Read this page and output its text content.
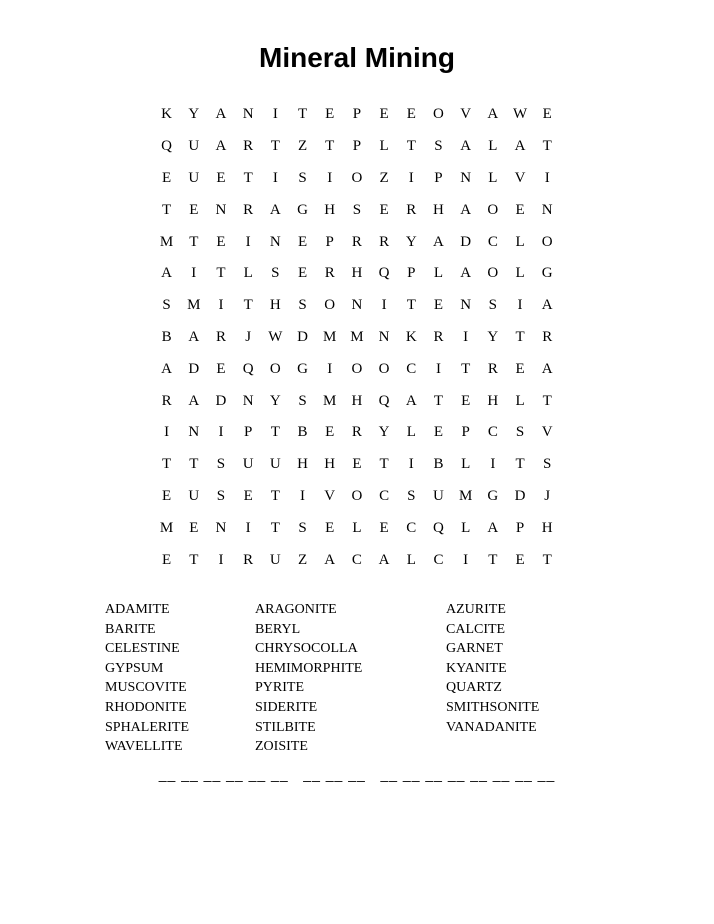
Mineral Mining
K	Y	A	N	I	T	E	P	E	E	O	V	A	W	E
Q	U	A	R	T	Z	T	P	L	T	S	A	L	A	T
E	U	E	T	I	S	I	O	Z	I	P	N	L	V	I
T	E	N	R	A	G	H	S	E	R	H	A	O	E	N
M	T	E	I	N	E	P	R	R	Y	A	D	C	L	O
A	I	T	L	S	E	R	H	Q	P	L	A	O	L	G
S	M	I	T	H	S	O	N	I	T	E	N	S	I	A
B	A	R	J	W	D	M	M	N	K	R	I	Y	T	R
A	D	E	Q	O	G	I	O	O	C	I	T	R	E	A
R	A	D	N	Y	S	M	H	Q	A	T	E	H	L	T
I	N	I	P	T	B	E	R	Y	L	E	P	C	S	V
T	T	S	U	U	H	H	E	T	I	B	L	I	T	S
E	U	S	E	T	I	V	O	C	S	U	M	G	D	J
M	E	N	I	T	S	E	L	E	C	Q	L	A	P	H
E	T	I	R	U	Z	A	C	A	L	C	I	T	E	T
ADAMITE
BARITE
CELESTINE
GYPSUM
MUSCOVITE
RHODONITE
SPHALERITE
WAVELLITE
ARAGONITE
BERYL
CHRYSOCOLLA
HEMIMORPHITE
PYRITE
SIDERITE
STILBITE
ZOISITE
AZURITE
CALCITE
GARNET
KYANITE
QUARTZ
SMITHSONITE
VANADANITE
__ __ __ __ __ __   __ __ __   __ __ __ __ __ __ __ __
